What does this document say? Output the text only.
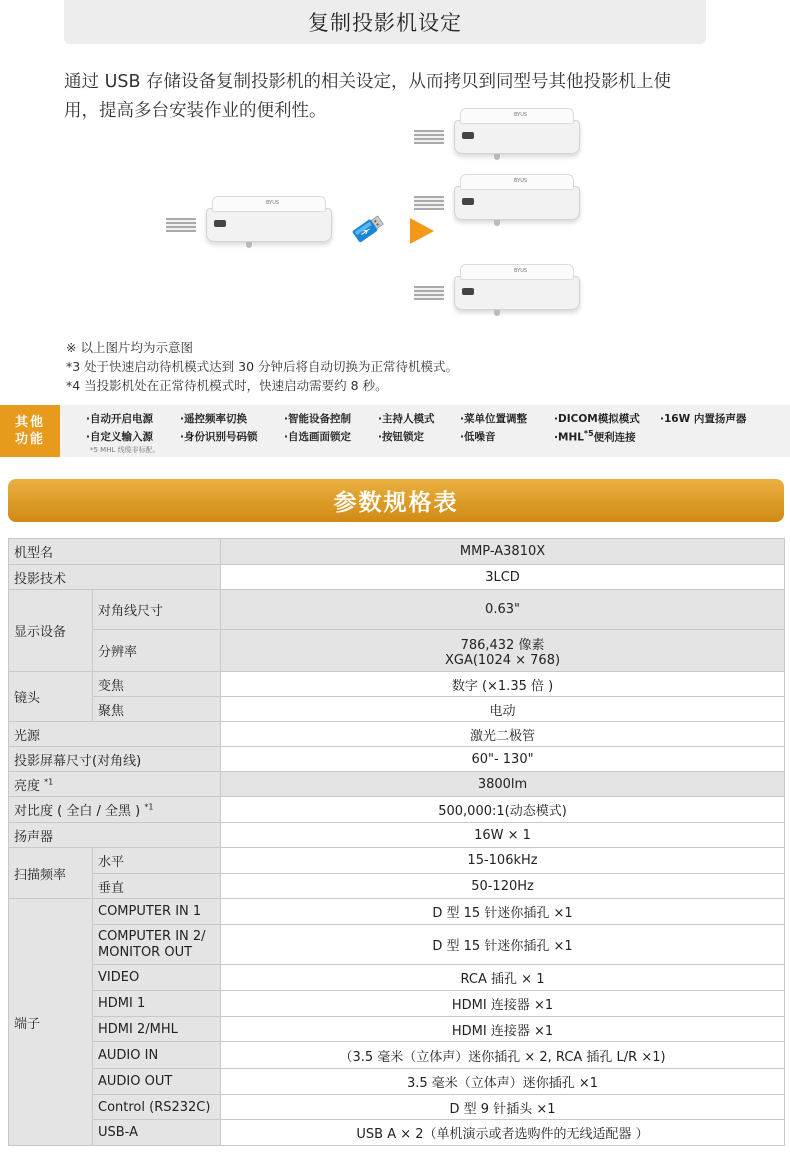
复制投影机设定

通过 USB 存储设备复制投影机的相关设定，从而拷贝到同型号其他投影机上使用，提高多台安装作业的便利性。

BYUS
BYUS
BYUS
BYUS
※ 以上图片均为示意图
*3 处于快速启动待机模式达到 30 分钟后将自动切换为正常待机模式。
*4 当投影机处在正常待机模式时，快速启动需要约 8 秒。
其他
功能
·自动开启电源	·遥控频率切换	·智能设备控制	·主持人模式 ·菜单位置调整	·DICOM模拟模式 ·16W 内置扬声器
·自定义输入源	·身份识别号码锁	·自选画面锁定	·按钮锁定	·低噪音	$\cdot MHL^{*5}$便利连接
*5 MHL 线缆非标配。
参数规格表
机型名		MMP-A3810X
投影技术		3LCD
显示设备	对角线尺寸	0.63"
	分辨率	786,432 像素
XGA(1024 × 768)

镜头	变焦	数字 (×1.35 倍 )
	聚焦	电动
光源		激光二极管
投影屏幕尺寸(对角线)		60"- 130"
亮度 $^{*1}$		3800lm
对比度 ( 全白 / 全黑 ) $^{*1}$		500,000:1(动态模式)
扬声器		16W × 1
扫描频率	水平	15-106kHz
	垂直	50-120Hz
端子	COMPUTER IN 1	D 型 15 针迷你插孔 ×1

	COMPUTER IN 2/
MONITOR OUT	D 型 15 针迷你插孔 ×1
	VIDEO	RCA 插孔 × 1
	HDMI 1	HDMI 连接器 ×1
	HDMI 2/MHL	HDMI 连接器 ×1
	AUDIO IN	（3.5 毫米（立体声）迷你插孔 × 2, RCA 插孔 L/R ×1)
	AUDIO OUT	3.5 毫米（立体声）迷你插孔 ×1
	Control (RS232C)	D 型 9 针插头 ×1
	USB-A	USB A × 2（单机演示或者选购件的无线适配器 ）
